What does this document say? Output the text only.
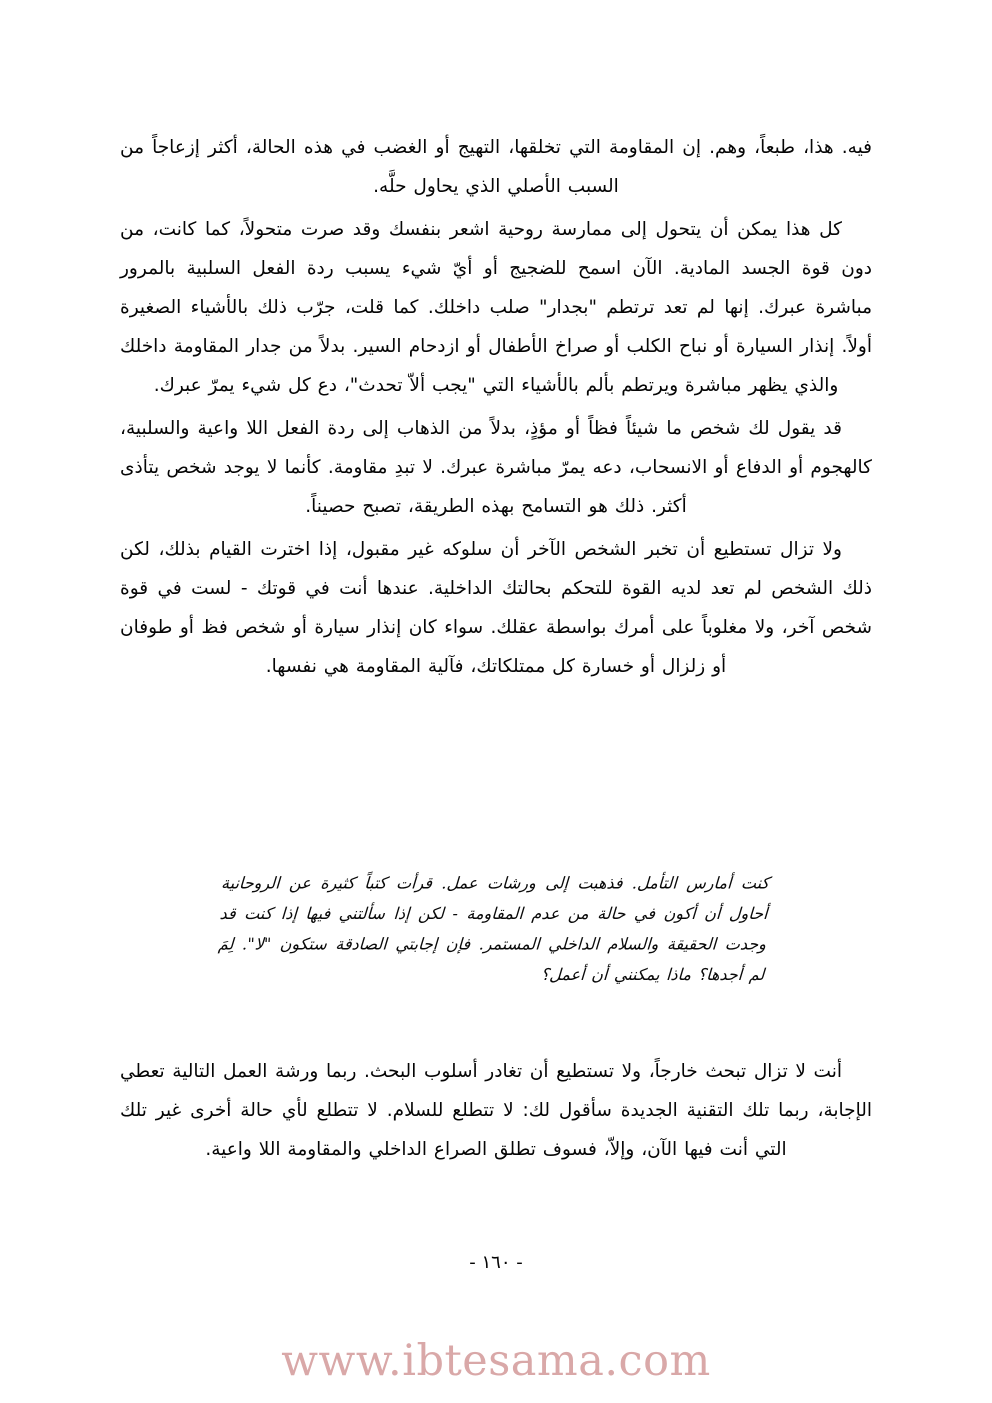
فيه. هذا، طبعاً، وهم. إن المقاومة التي تخلقها، التهيج أو الغضب في هذه الحالة، أكثر إزعاجاً من السبب الأصلي الذي يحاول حلَّه.

كل هذا يمكن أن يتحول إلى ممارسة روحية اشعر بنفسك وقد صرت متحولاً، كما كانت، من دون قوة الجسد المادية. الآن اسمح للضجيج أو أيّ شيء يسبب ردة الفعل السلبية بالمرور مباشرة عبرك. إنها لم تعد ترتطم "بجدار" صلب داخلك. كما قلت، جرّب ذلك بالأشياء الصغيرة أولاً. إنذار السيارة أو نباح الكلب أو صراخ الأطفال أو ازدحام السير. بدلاً من جدار المقاومة داخلك والذي يظهر مباشرة ويرتطم بألم بالأشياء التي "يجب ألاّ تحدث"، دع كل شيء يمرّ عبرك.

قد يقول لك شخص ما شيئاً فظاً أو مؤذٍ، بدلاً من الذهاب إلى ردة الفعل اللا واعية والسلبية، كالهجوم أو الدفاع أو الانسحاب، دعه يمرّ مباشرة عبرك. لا تبدِ مقاومة. كأنما لا يوجد شخص يتأذى أكثر. ذلك هو التسامح بهذه الطريقة، تصبح حصيناً.

ولا تزال تستطيع أن تخبر الشخص الآخر أن سلوكه غير مقبول، إذا اخترت القيام بذلك، لكن ذلك الشخص لم تعد لديه القوة للتحكم بحالتك الداخلية. عندها أنت في قوتك - لست في قوة شخص آخر، ولا مغلوباً على أمرك بواسطة عقلك. سواء كان إنذار سيارة أو شخص فظ أو طوفان أو زلزال أو خسارة كل ممتلكاتك، فآلية المقاومة هي نفسها.

كنت أمارس التأمل. فذهبت إلى ورشات عمل. قرأت كتباً كثيرة عن الروحانية أحاول أن أكون في حالة من عدم المقاومة - لكن إذا سألتني فيها إذا كنت قد وجدت الحقيقة والسلام الداخلي المستمر. فإن إجابتي الصادقة ستكون "لا". لِمَ لم أجدها؟ ماذا يمكنني أن أعمل؟

أنت لا تزال تبحث خارجاً، ولا تستطيع أن تغادر أسلوب البحث. ربما ورشة العمل التالية تعطي الإجابة، ربما تلك التقنية الجديدة سأقول لك: لا تتطلع للسلام. لا تتطلع لأي حالة أخرى غير تلك التي أنت فيها الآن، وإلاّ، فسوف تطلق الصراع الداخلي والمقاومة اللا واعية.

- ١٦٠ -
www.ibtesama.com
